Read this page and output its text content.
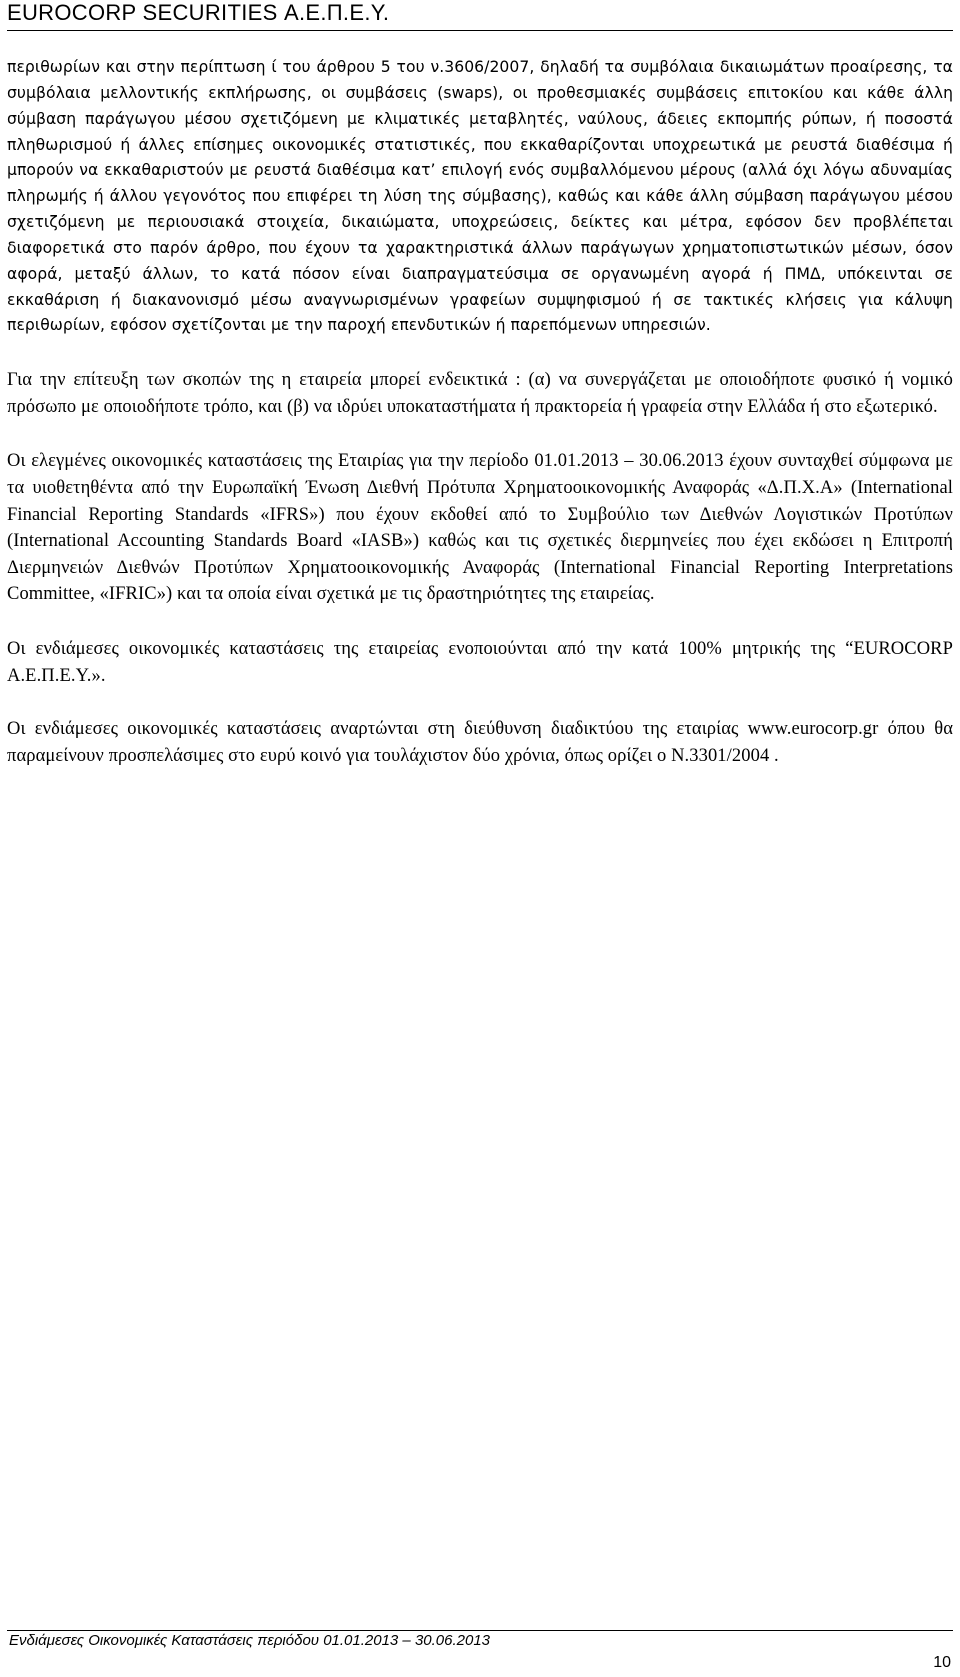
EUROCORP SECURITIES Α.Ε.Π.Ε.Υ.

περιθωρίων και στην περίπτωση ί του άρθρου 5 του ν.3606/2007, δηλαδή τα συμβόλαια δικαιωμάτων προαίρεσης, τα συμβόλαια μελλοντικής εκπλήρωσης, οι συμβάσεις (swaps), οι προθεσμιακές συμβάσεις επιτοκίου και κάθε άλλη σύμβαση παράγωγου μέσου σχετιζόμενη με κλιματικές μεταβλητές, ναύλους, άδειες εκπομπής ρύπων, ή ποσοστά πληθωρισμού ή άλλες επίσημες οικονομικές στατιστικές, που εκκαθαρίζονται υποχρεωτικά με ρευστά διαθέσιμα ή μπορούν να εκκαθαριστούν με ρευστά διαθέσιμα κατ’ επιλογή ενός συμβαλλόμενου μέρους (αλλά όχι λόγω αδυναμίας πληρωμής ή άλλου γεγονότος που επιφέρει τη λύση της σύμβασης), καθώς και κάθε άλλη σύμβαση παράγωγου μέσου σχετιζόμενη με περιουσιακά στοιχεία, δικαιώματα, υποχρεώσεις, δείκτες και μέτρα, εφόσον δεν προβλέπεται διαφορετικά στο παρόν άρθρο, που έχουν τα χαρακτηριστικά άλλων παράγωγων χρηματοπιστωτικών μέσων, όσον αφορά, μεταξύ άλλων, το κατά πόσον είναι διαπραγματεύσιμα σε οργανωμένη αγορά ή ΠΜΔ, υπόκεινται σε εκκαθάριση ή διακανονισμό μέσω αναγνωρισμένων γραφείων συμψηφισμού ή σε τακτικές κλήσεις για κάλυψη περιθωρίων, εφόσον σχετίζονται με την παροχή επενδυτικών ή παρεπόμενων υπηρεσιών.

Για την επίτευξη των σκοπών της η εταιρεία μπορεί ενδεικτικά : (α) να συνεργάζεται με οποιοδήποτε φυσικό ή νομικό πρόσωπο με οποιοδήποτε τρόπο, και (β) να ιδρύει υποκαταστήματα ή πρακτορεία ή γραφεία στην Ελλάδα ή στο εξωτερικό.

Οι ελεγμένες οικονομικές καταστάσεις της Εταιρίας για την περίοδο 01.01.2013 – 30.06.2013 έχουν συνταχθεί σύμφωνα με τα υιοθετηθέντα από την Ευρωπαϊκή Ένωση Διεθνή Πρότυπα Χρηματοοικονομικής Αναφοράς «Δ.Π.Χ.Α» (International Financial Reporting Standards «IFRS») που έχουν εκδοθεί από το Συμβούλιο των Διεθνών Λογιστικών Προτύπων (International Accounting Standards Board «IASB») καθώς και τις σχετικές διερμηνείες που έχει εκδώσει η Επιτροπή Διερμηνειών Διεθνών Προτύπων Χρηματοοικονομικής Αναφοράς (International Financial Reporting Interpretations Committee, «IFRIC») και τα οποία είναι σχετικά με τις δραστηριότητες της εταιρείας.

Οι ενδιάμεσες οικονομικές καταστάσεις της εταιρείας ενοποιούνται από την κατά 100% μητρικής της “EUROCORP Α.Ε.Π.Ε.Υ.».

Οι ενδιάμεσες οικονομικές καταστάσεις αναρτώνται στη διεύθυνση διαδικτύου της εταιρίας www.eurocorp.gr όπου θα παραμείνουν προσπελάσιμες στο ευρύ κοινό για τουλάχιστον δύο χρόνια, όπως ορίζει ο Ν.3301/2004 .

Ενδιάμεσες Οικονομικές Καταστάσεις περιόδου 01.01.2013 – 30.06.2013
10
